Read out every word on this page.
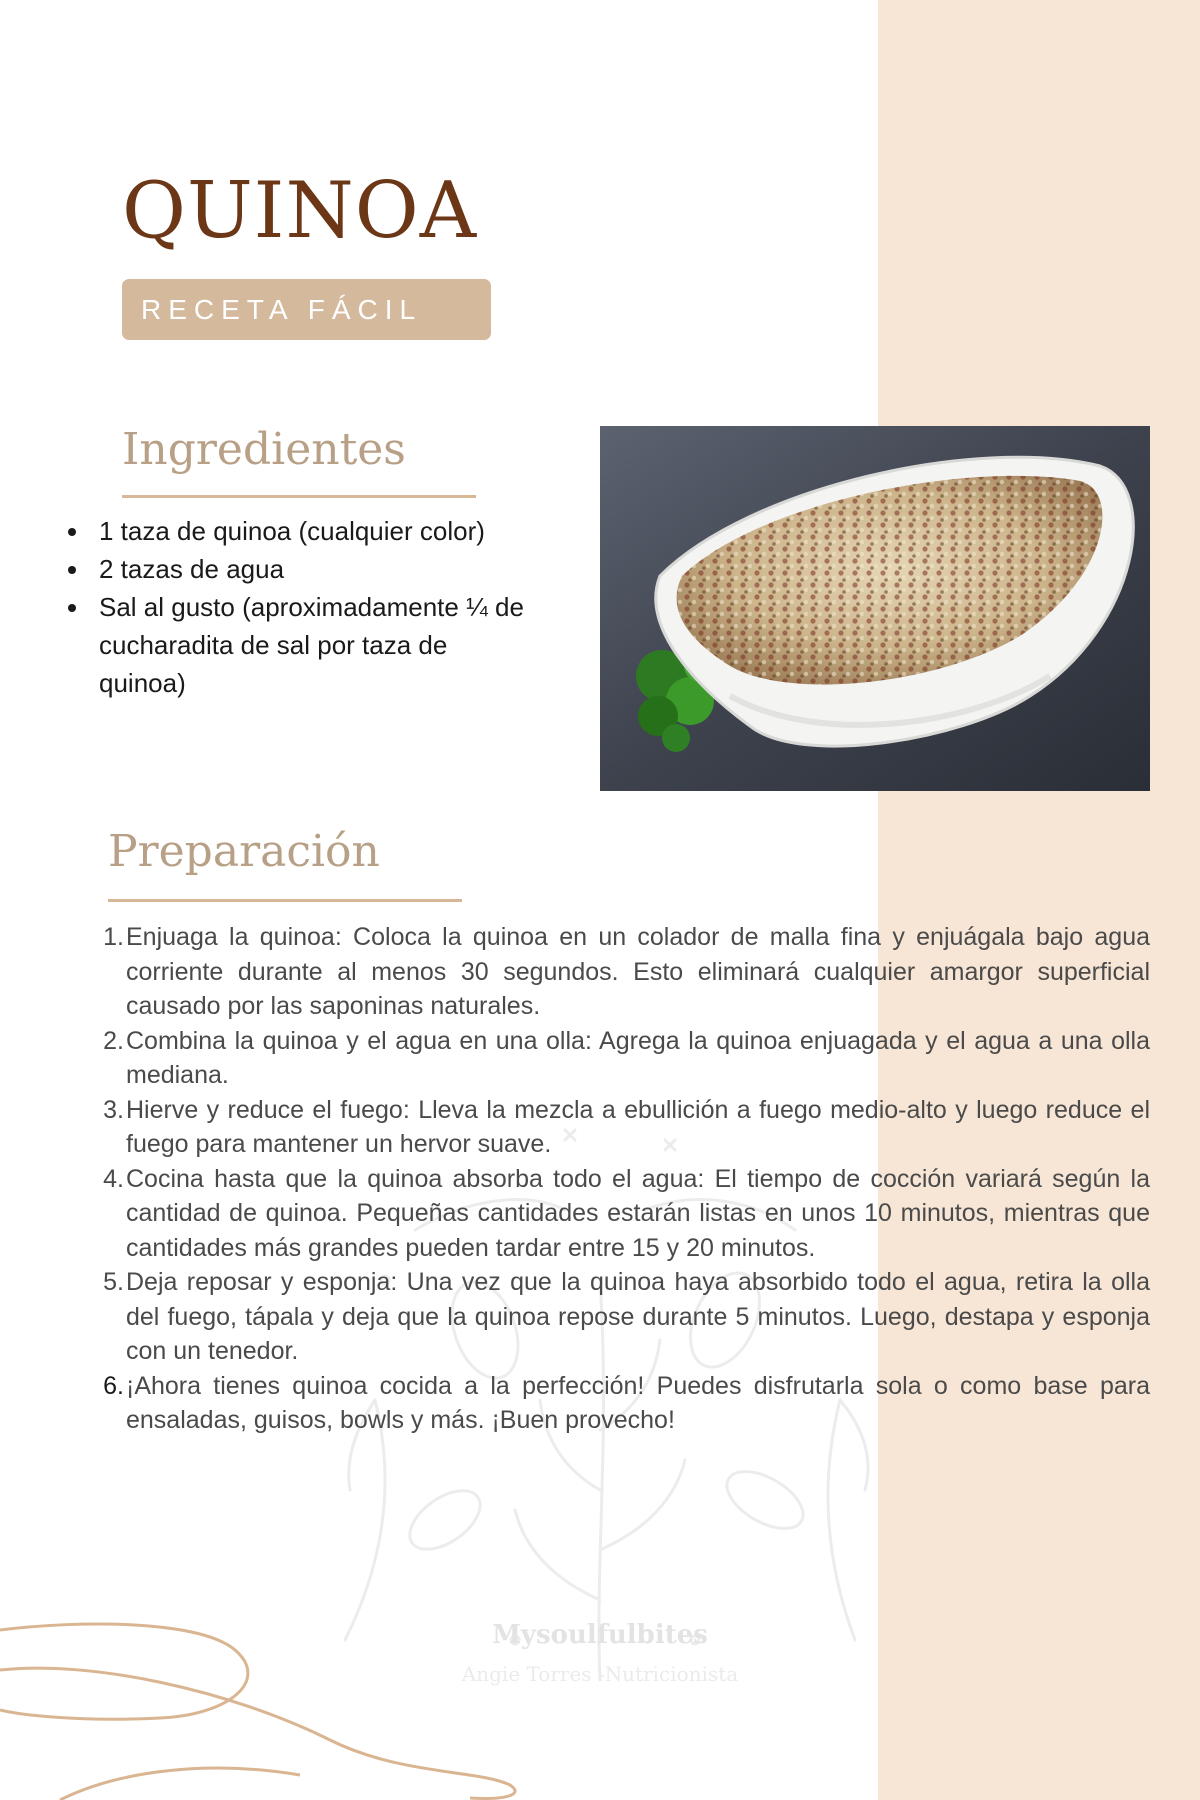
Mysoulfulbites
Angie Torres -Nutricionista
QUINOA
RECETA FÁCIL
Ingredientes
1 taza de quinoa (cualquier color)
2 tazas de agua
Sal al gusto (aproximadamente ¼ de cucharadita de sal por taza de quinoa)
Preparación
1. Enjuaga la quinoa: Coloca la quinoa en un colador de malla fina y enjuágala bajo agua corriente durante al menos 30 segundos. Esto eliminará cualquier amargor superficial causado por las saponinas naturales.
2. Combina la quinoa y el agua en una olla: Agrega la quinoa enjuagada y el agua a una olla mediana.
3. Hierve y reduce el fuego: Lleva la mezcla a ebullición a fuego medio-alto y luego reduce el fuego para mantener un hervor suave.
4. Cocina hasta que la quinoa absorba todo el agua: El tiempo de cocción variará según la cantidad de quinoa. Pequeñas cantidades estarán listas en unos 10 minutos, mientras que cantidades más grandes pueden tardar entre 15 y 20 minutos.
5. Deja reposar y esponja: Una vez que la quinoa haya absorbido todo el agua, retira la olla del fuego, tápala y deja que la quinoa repose durante 5 minutos. Luego, destapa y esponja con un tenedor.
6. ¡Ahora tienes quinoa cocida a la perfección! Puedes disfrutarla sola o como base para ensaladas, guisos, bowls y más. ¡Buen provecho!
